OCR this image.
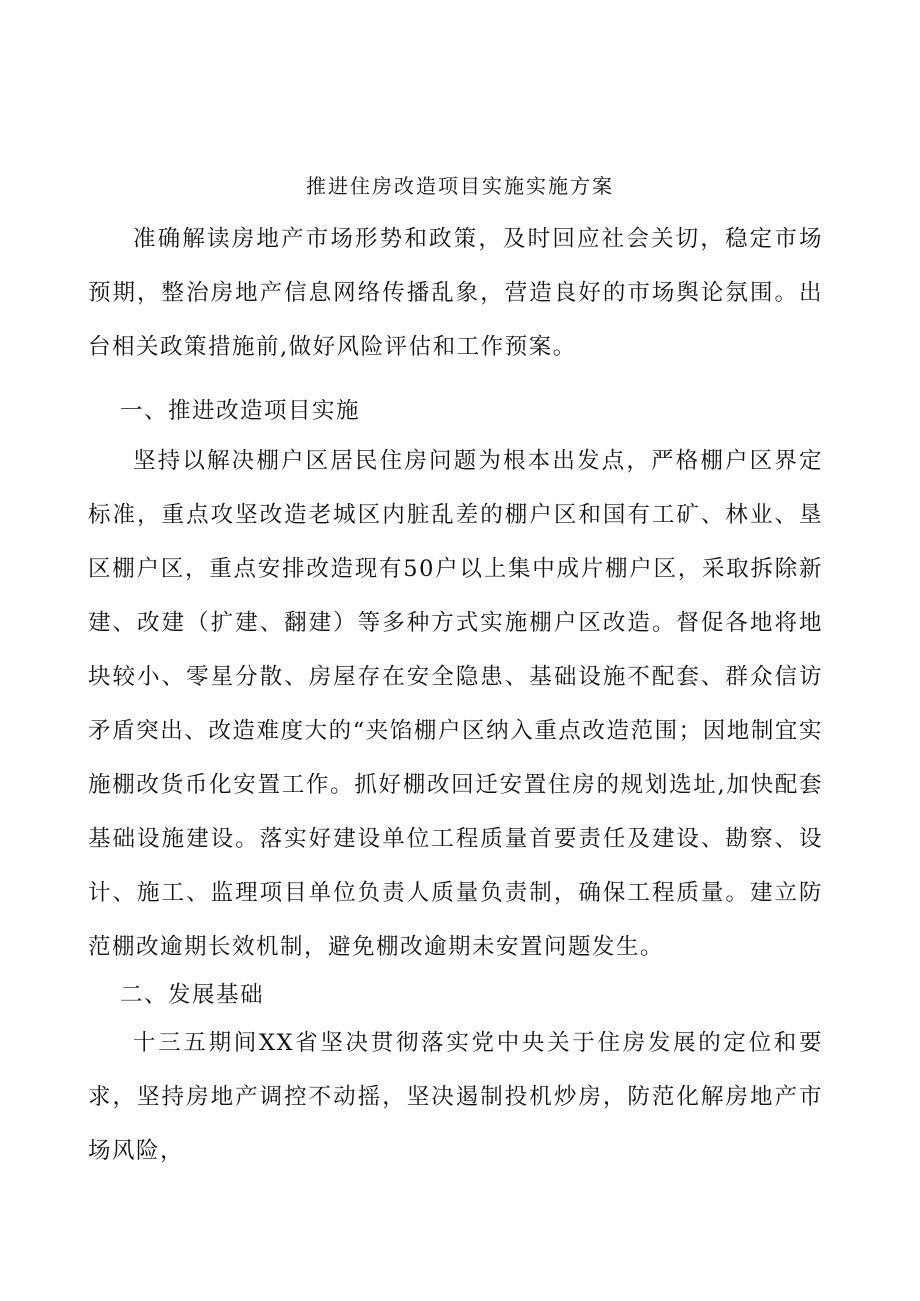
推进住房改造项目实施实施方案
准确解读房地产市场形势和政策，及时回应社会关切，稳定市场预期，整治房地产信息网络传播乱象，营造良好的市场舆论氛围。出台相关政策措施前,做好风险评估和工作预案。
一、推进改造项目实施
坚持以解决棚户区居民住房问题为根本出发点，严格棚户区界定标准，重点攻坚改造老城区内脏乱差的棚户区和国有工矿、林业、垦区棚户区，重点安排改造现有50户以上集中成片棚户区，采取拆除新建、改建（扩建、翻建）等多种方式实施棚户区改造。督促各地将地块较小、零星分散、房屋存在安全隐患、基础设施不配套、群众信访矛盾突出、改造难度大的“夹馅棚户区纳入重点改造范围；因地制宜实施棚改货币化安置工作。抓好棚改回迁安置住房的规划选址,加快配套基础设施建设。落实好建设单位工程质量首要责任及建设、勘察、设计、施工、监理项目单位负责人质量负责制，确保工程质量。建立防范棚改逾期长效机制，避免棚改逾期未安置问题发生。
二、发展基础
十三五期间XX省坚决贯彻落实党中央关于住房发展的定位和要求，坚持房地产调控不动摇，坚决遏制投机炒房，防范化解房地产市场风险，
